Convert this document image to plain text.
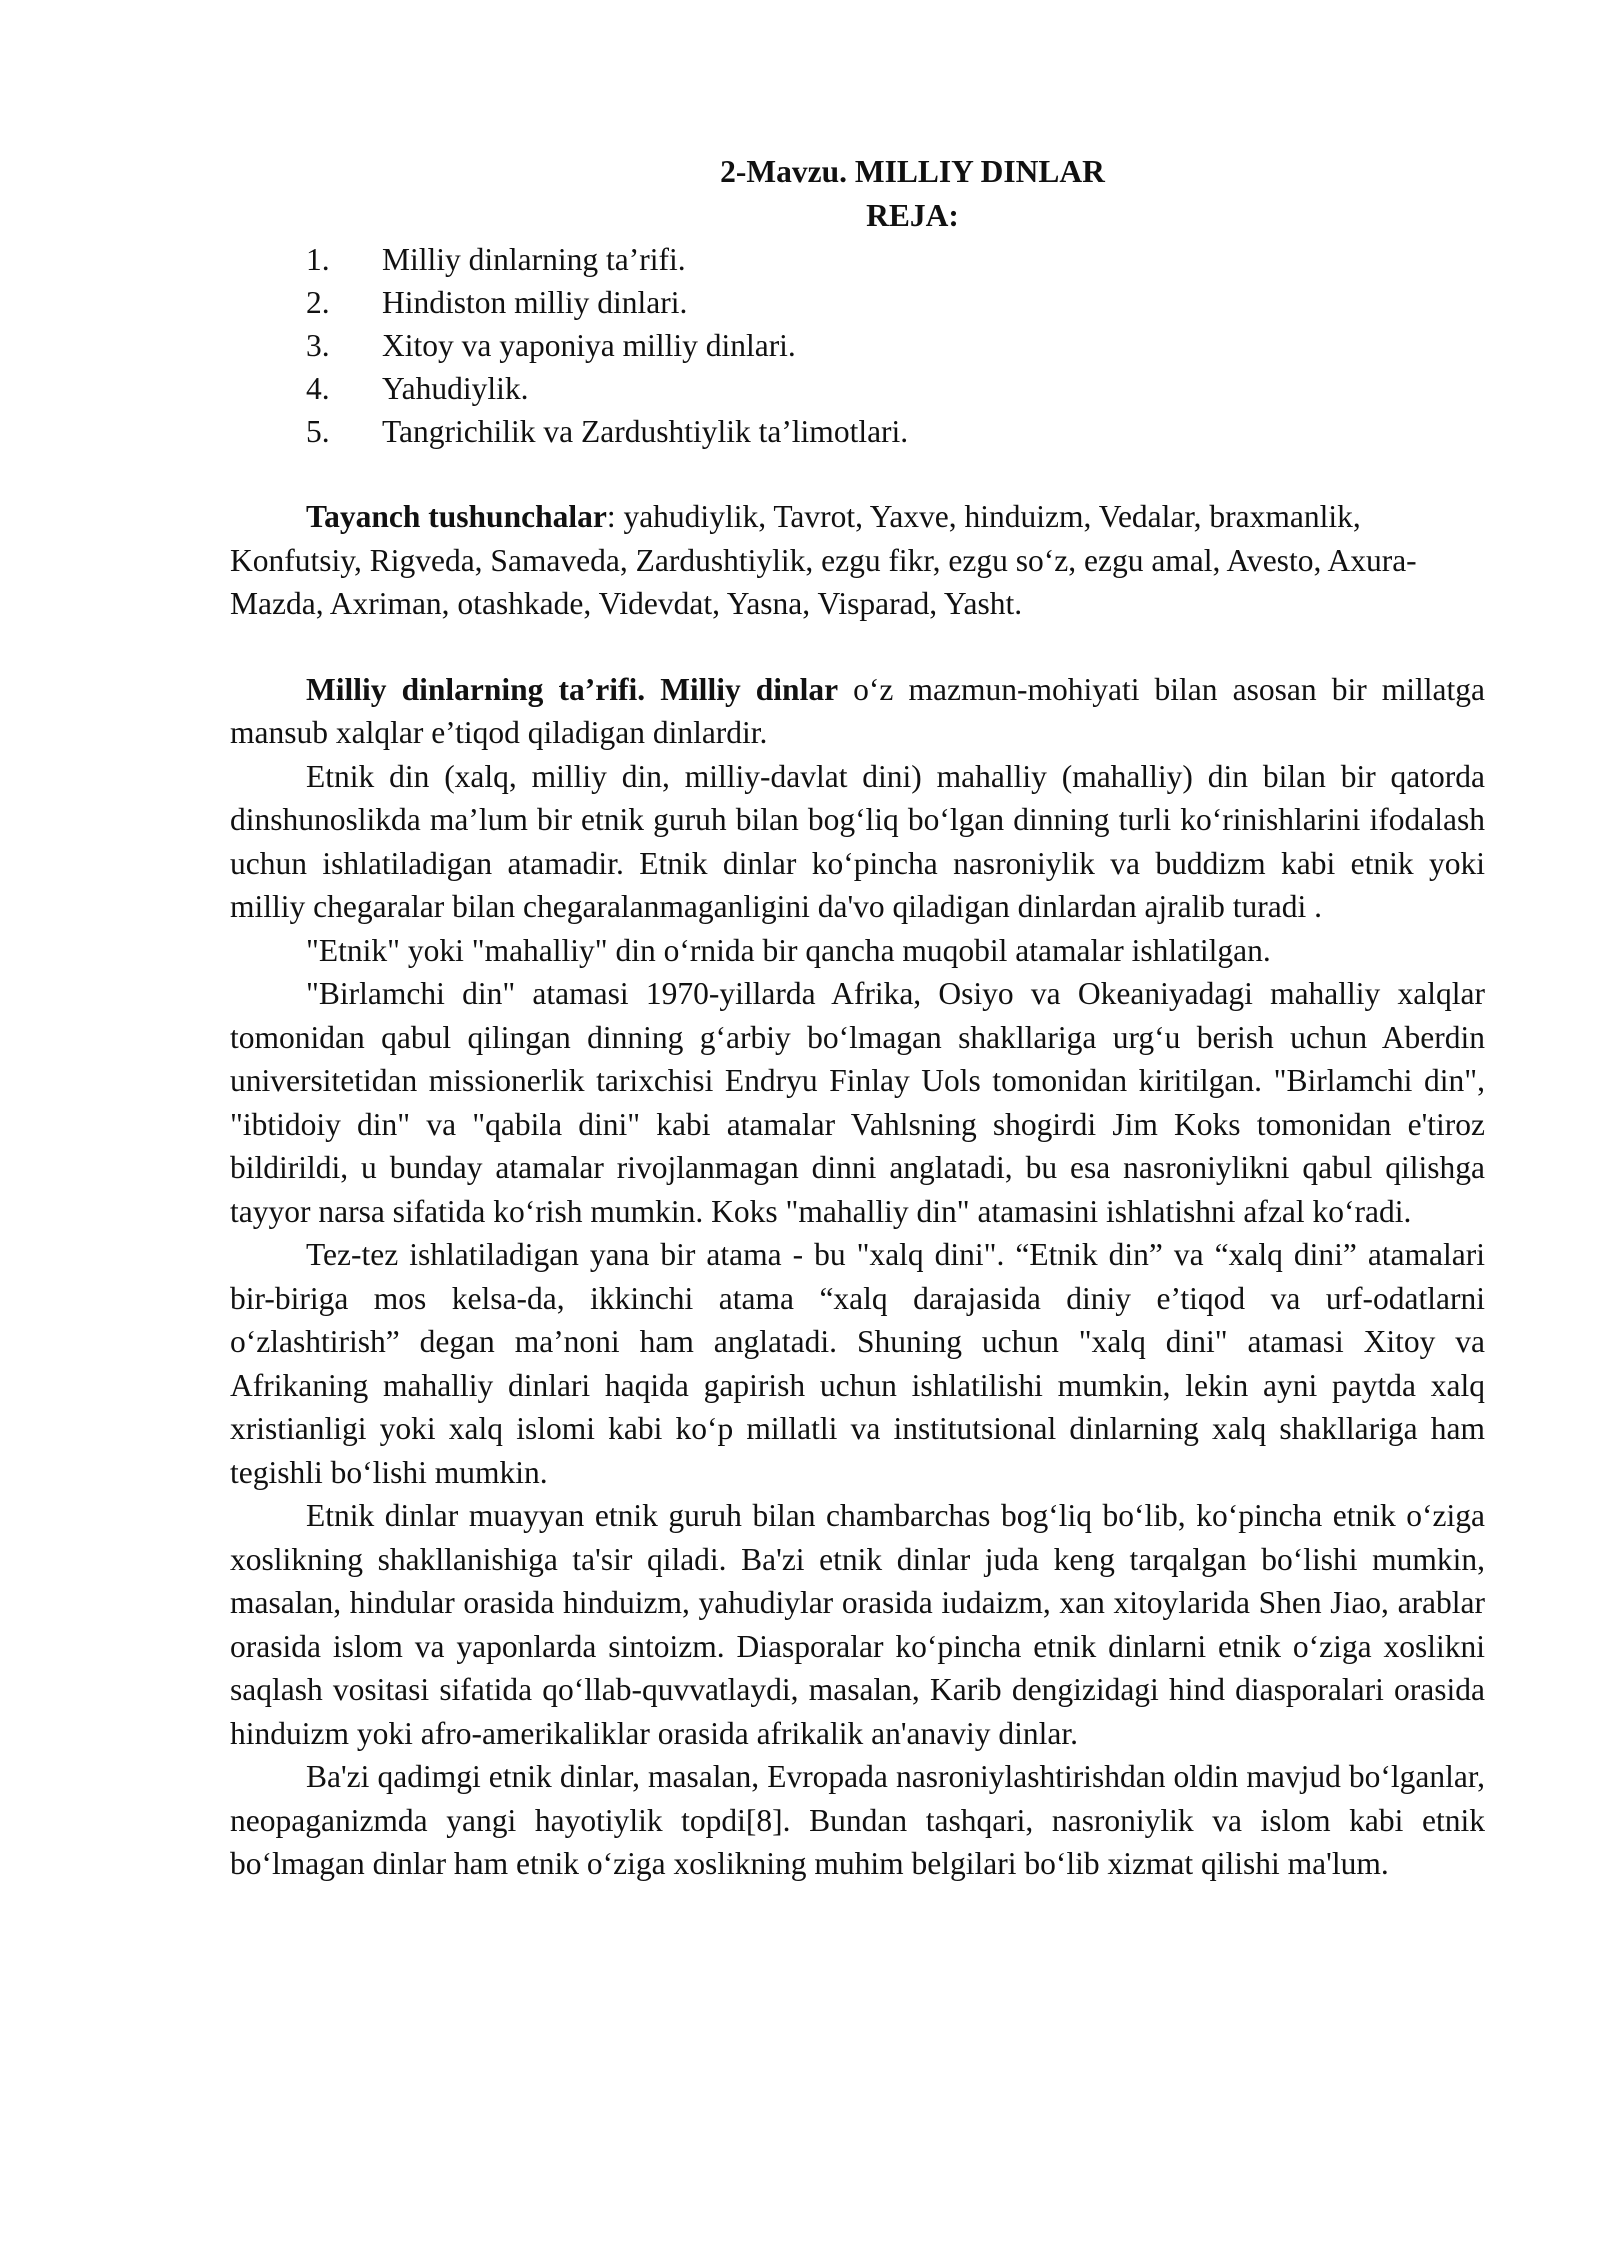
2-Mavzu. MILLIY DINLAR

REJA:

1.	Milliy dinlarning ta’rifi.
2.	Hindiston milliy dinlari.
3.	Xitoy va yaponiya milliy dinlari.
4.	Yahudiylik.
5.	Tangrichilik va Zardushtiylik ta’limotlari.

Tayanch tushunchalar: yahudiylik, Tavrot, Yaxve, hinduizm, Vedalar, braxmanlik, Konfutsiy, Rigveda, Samaveda, Zardushtiylik, ezgu fikr, ezgu so‘z, ezgu amal, Avesto, Axura-Mazda, Axriman, otashkade, Videvdat, Yasna, Visparad, Yasht.

Milliy dinlarning ta’rifi. Milliy dinlar o‘z mazmun-mohiyati bilan asosan bir millatga mansub xalqlar e’tiqod qiladigan dinlardir.

Etnik din (xalq, milliy din, milliy-davlat dini) mahalliy (mahalliy) din bilan bir qatorda dinshunoslikda ma’lum bir etnik guruh bilan bog‘liq bo‘lgan dinning turli ko‘rinishlarini ifodalash uchun ishlatiladigan atamadir. Etnik dinlar ko‘pincha nasroniylik va buddizm kabi etnik yoki milliy chegaralar bilan chegaralanmaganligini da'vo qiladigan dinlardan ajralib turadi .

"Etnik" yoki "mahalliy" din o‘rnida bir qancha muqobil atamalar ishlatilgan.

"Birlamchi din" atamasi 1970-yillarda Afrika, Osiyo va Okeaniyadagi mahalliy xalqlar tomonidan qabul qilingan dinning g‘arbiy bo‘lmagan shakllariga urg‘u berish uchun Aberdin universitetidan missionerlik tarixchisi Endryu Finlay Uols tomonidan kiritilgan. "Birlamchi din", "ibtidoiy din" va "qabila dini" kabi atamalar Vahlsning shogirdi Jim Koks tomonidan e'tiroz bildirildi, u bunday atamalar rivojlanmagan dinni anglatadi, bu esa nasroniylikni qabul qilishga tayyor narsa sifatida ko‘rish mumkin. Koks "mahalliy din" atamasini ishlatishni afzal ko‘radi.

Tez-tez ishlatiladigan yana bir atama - bu "xalq dini". “Etnik din” va “xalq dini” atamalari bir-biriga mos kelsa-da, ikkinchi atama “xalq darajasida diniy e’tiqod va urf-odatlarni o‘zlashtirish” degan ma’noni ham anglatadi. Shuning uchun "xalq dini" atamasi Xitoy va Afrikaning mahalliy dinlari haqida gapirish uchun ishlatilishi mumkin, lekin ayni paytda xalq xristianligi yoki xalq islomi kabi ko‘p millatli va institutsional dinlarning xalq shakllariga ham tegishli bo‘lishi mumkin.

Etnik dinlar muayyan etnik guruh bilan chambarchas bog‘liq bo‘lib, ko‘pincha etnik o‘ziga xoslikning shakllanishiga ta'sir qiladi. Ba'zi etnik dinlar juda keng tarqalgan bo‘lishi mumkin, masalan, hindular orasida hinduizm, yahudiylar orasida iudaizm, xan xitoylarida Shen Jiao, arablar orasida islom va yaponlarda sintoizm. Diasporalar ko‘pincha etnik dinlarni etnik o‘ziga xoslikni saqlash vositasi sifatida qo‘llab-quvvatlaydi, masalan, Karib dengizidagi hind diasporalari orasida hinduizm yoki afro-amerikaliklar orasida afrikalik an'anaviy dinlar.

Ba'zi qadimgi etnik dinlar, masalan, Evropada nasroniylashtirishdan oldin mavjud bo‘lganlar, neopaganizmda yangi hayotiylik topdi[8]. Bundan tashqari, nasroniylik va islom kabi etnik bo‘lmagan dinlar ham etnik o‘ziga xoslikning muhim belgilari bo‘lib xizmat qilishi ma'lum.
